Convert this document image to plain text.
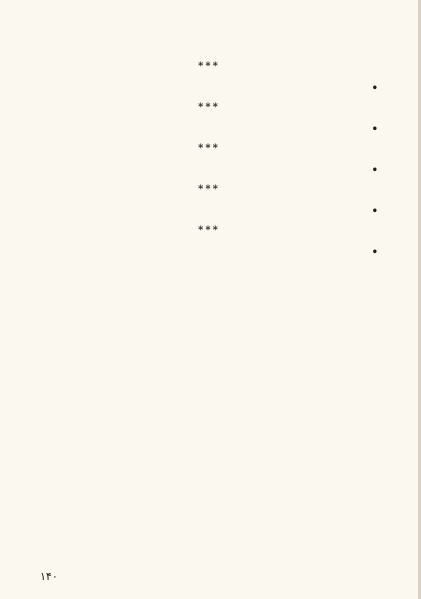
***

•

***

•

***

•

***

•

***

•

۱۴۰
